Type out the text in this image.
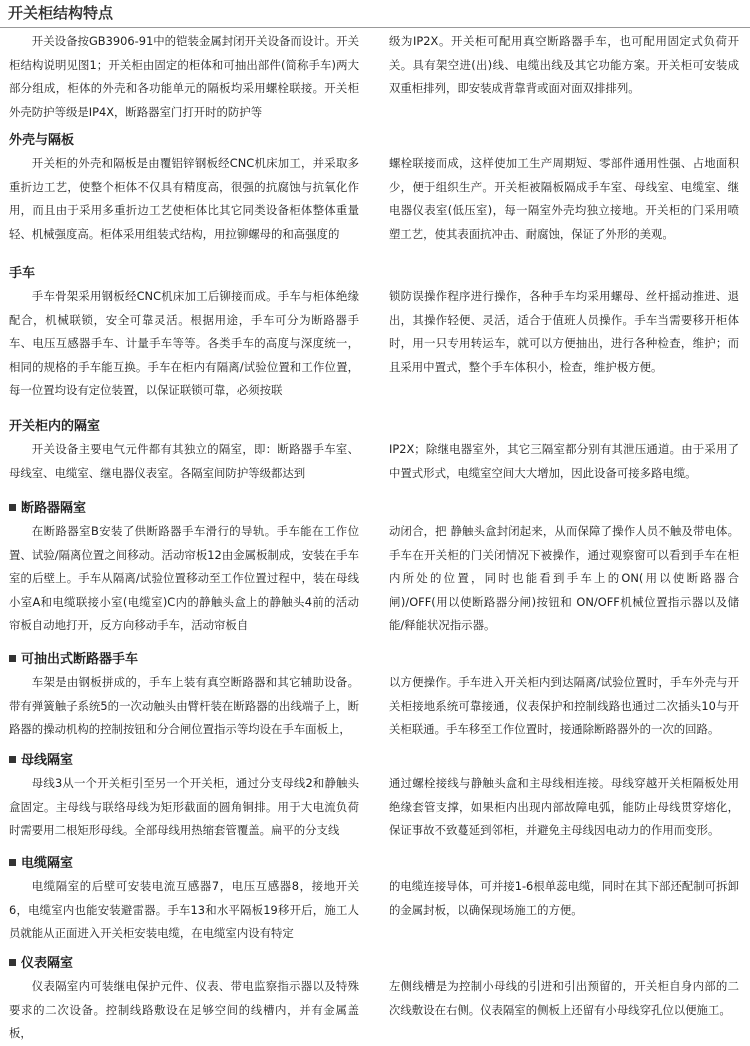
开关柜结构特点
开关设备按GB3906-91中的铠装金属封闭开关设备而设计。开关柜结构说明见图1；开关柜由固定的柜体和可抽出部件(简称手车)两大部分组成，柜体的外壳和各功能单元的隔板均采用螺栓联接。开关柜外壳防护等级是IP4X，断路器室门打开时的防护等
级为IP2X。开关柜可配用真空断路器手车，也可配用固定式负荷开关。具有架空进(出)线、电缆出线及其它功能方案。开关柜可安装成双重柜排列，即安装成背靠背或面对面双排排列。
外壳与隔板
开关柜的外壳和隔板是由覆铝锌钢板经CNC机床加工，并采取多重折边工艺，使整个柜体不仅具有精度高，很强的抗腐蚀与抗氧化作用，而且由于采用多重折边工艺使柜体比其它同类设备柜体整体重量轻、机械强度高。柜体采用组装式结构，用拉铆螺母的和高强度的
螺栓联接而成，这样使加工生产周期短、零部件通用性强、占地面积少，便于组织生产。开关柜被隔板隔成手车室、母线室、电缆室、继电器仪表室(低压室)，每一隔室外壳均独立接地。开关柜的门采用喷塑工艺，使其表面抗冲击、耐腐蚀，保证了外形的美观。
手车
手车骨架采用钢板经CNC机床加工后铆接而成。手车与柜体绝缘配合，机械联锁，安全可靠灵活。根据用途，手车可分为断路器手车、电压互感器手车、计量手车等等。各类手车的高度与深度统一，相同的规格的手车能互换。手车在柜内有隔离/试验位置和工作位置，每一位置均设有定位装置，以保证联锁可靠，必须按联
锁防误操作程序进行操作，各种手车均采用螺母、丝杆摇动推进、退出，其操作轻便、灵活，适合于值班人员操作。手车当需要移开柜体时，用一只专用转运车，就可以方便抽出，进行各种检查，维护；而且采用中置式，整个手车体积小，检查，维护极方便。
开关柜内的隔室
开关设备主要电气元件都有其独立的隔室，即：断路器手车室、母线室、电缆室、继电器仪表室。各隔室间防护等级都达到
IP2X；除继电器室外，其它三隔室都分别有其泄压通道。由于采用了中置式形式，电缆室空间大大增加，因此设备可接多路电缆。
断路器隔室
在断路器室B安装了供断路器手车滑行的导轨。手车能在工作位置、试验/隔离位置之间移动。活动帘板12由金属板制成，安装在手车室的后壁上。手车从隔离/试验位置移动至工作位置过程中，装在母线小室A和电缆联接小室(电缆室)C内的静触头盒上的静触头4前的活动帘板自动地打开，反方向移动手车，活动帘板自
动闭合，把 静触头盒封闭起来，从而保障了操作人员不触及带电体。手车在开关柜的门关闭情况下被操作，通过观察窗可以看到手车在柜内所处的位置，同时也能看到手车上的ON(用以使断路器合闸)/OFF(用以使断路器分闸)按钮和 ON/OFF机械位置指示器以及储能/释能状况指示器。
可抽出式断路器手车
车架是由钢板拼成的，手车上装有真空断路器和其它辅助设备。带有弹簧触子系统5的一次动触头由臂杆装在断路器的出线端子上，断路器的操动机构的控制按钮和分合闸位置指示等均设在手车面板上，
以方便操作。手车进入开关柜内到达隔离/试验位置时，手车外壳与开关柜接地系统可靠接通，仪表保护和控制线路也通过二次插头10与开关柜联通。手车移至工作位置时，接通除断路器外的一次的回路。
母线隔室
母线3从一个开关柜引至另一个开关柜，通过分支母线2和静触头盒固定。主母线与联络母线为矩形截面的圆角铜排。用于大电流负荷时需要用二根矩形母线。全部母线用热缩套管覆盖。扁平的分支线
通过螺栓接线与静触头盒和主母线相连接。母线穿越开关柜隔板处用绝缘套管支撑，如果柜内出现内部故障电弧，能防止母线贯穿熔化，保证事故不致蔓延到邻柜，并避免主母线因电动力的作用而变形。
电缆隔室
电缆隔室的后壁可安装电流互感器7，电压互感器8，接地开关6，电缆室内也能安装避雷器。手车13和水平隔板19移开后，施工人员就能从正面进入开关柜安装电缆，在电缆室内设有特定
的电缆连接导体，可并接1-6根单蕊电缆，同时在其下部还配制可拆卸的金属封板，以确保现场施工的方便。
仪表隔室
仪表隔室内可装继电保护元件、仪表、带电监察指示器以及特殊要求的二次设备。控制线路敷设在足够空间的线槽内，并有金属盖板，
左侧线槽是为控制小母线的引进和引出预留的，开关柜自身内部的二次线敷设在右侧。仪表隔室的侧板上还留有小母线穿孔位以便施工。
